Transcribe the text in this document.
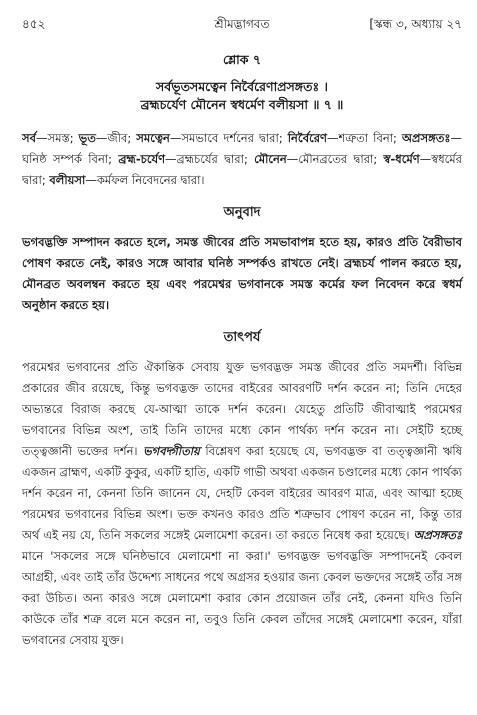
৪৫২	শ্রীমদ্ভাগবত	[স্কন্ধ ৩, অধ্যায় ২৭
শ্লোক ৭
সর্বভূতসমত্বেন নির্বৈরেণাপ্রসঙ্গতঃ ।
ব্রহ্মচর্যেণ মৌনেন স্বধর্মেণ বলীয়সা ॥ ৭ ॥
সর্ব—সমস্ত; ভূত—জীব; সমত্বেন—সমভাবে দর্শনের দ্বারা; নির্বৈরেণ—শত্রুতা বিনা; অপ্রসঙ্গতঃ—ঘনিষ্ঠ সম্পর্ক বিনা; ব্রহ্ম-চর্যেণ—ব্রহ্মচর্যের দ্বারা; মৌনেন—মৌনব্রতের দ্বারা; স্ব-ধর্মেণ—স্বধর্মের দ্বারা; বলীয়সা—কর্মফল নিবেদনের দ্বারা।
অনুবাদ
ভগবদ্ভক্তি সম্পাদন করতে হলে, সমস্ত জীবের প্রতি সমভাবাপন্ন হতে হয়, কারও প্রতি বৈরীভাব পোষণ করতে নেই, কারও সঙ্গে আবার ঘনিষ্ঠ সম্পর্কও রাখতে নেই। ব্রহ্মচর্য পালন করতে হয়, মৌনব্রত অবলম্বন করতে হয় এবং পরমেশ্বর ভগবানকে সমস্ত কর্মের ফল নিবেদন করে স্বধর্ম অনুষ্ঠান করতে হয়।
তাৎপর্য

পরমেশ্বর ভগবানের প্রতি ঐকান্তিক সেবায় যুক্ত ভগবদ্ভক্ত সমস্ত জীবের প্রতি সমদর্শী। বিভিন্ন প্রকারের জীব রয়েছে, কিন্তু ভগবদ্ভক্ত তাদের বাইরের আবরণটি দর্শন করেন না; তিনি দেহের অভ্যন্তরে বিরাজ করছে যে-আত্মা তাকে দর্শন করেন। যেহেতু প্রতিটি জীবাত্মাই পরমেশ্বর ভগবানের বিভিন্ন অংশ, তাই তিনি তাদের মধ্যে কোন পার্থক্য দর্শন করেন না। সেইটি হচ্ছে তত্ত্বজ্ঞানী ভক্তের দর্শন। ভগবদ্গীতায় বিশ্লেষণ করা হয়েছে যে, ভগবদ্ভক্ত বা তত্ত্বজ্ঞানী ঋষি একজন ব্রাহ্মণ, একটি কুকুর, একটি হাতি, একটি গাভী অথবা একজন চণ্ডালের মধ্যে কোন পার্থক্য দর্শন করেন না, কেননা তিনি জানেন যে, দেহটি কেবল বাইরের আবরণ মাত্র, এবং আত্মা হচ্ছে পরমেশ্বর ভগবানের বিভিন্ন অংশ। ভক্ত কখনও কারও প্রতি শত্রুভাব পোষণ করেন না, কিন্তু তার অর্থ এই নয় যে, তিনি সকলের সঙ্গেই মেলামেশা করেন। তা করতে নিষেধ করা হয়েছে। অপ্রসঙ্গতঃ মানে 'সকলের সঙ্গে ঘনিষ্ঠভাবে মেলামেশা না করা।' ভগবদ্ভক্ত ভগবদ্ভক্তি সম্পাদনেই কেবল আগ্রহী, এবং তাই তাঁর উদ্দেশ্য সাধনের পথে অগ্রসর হওয়ার জন্য কেবল ভক্তদের সঙ্গেই তাঁর সঙ্গ করা উচিত। অন্য কারও সঙ্গে মেলামেশা করার কোন প্রয়োজন তাঁর নেই, কেননা যদিও তিনি কাউকে তাঁর শত্রু বলে মনে করেন না, তবুও তিনি কেবল তাঁদের সঙ্গেই মেলামেশা করেন, যাঁরা ভগবানের সেবায় যুক্ত।
